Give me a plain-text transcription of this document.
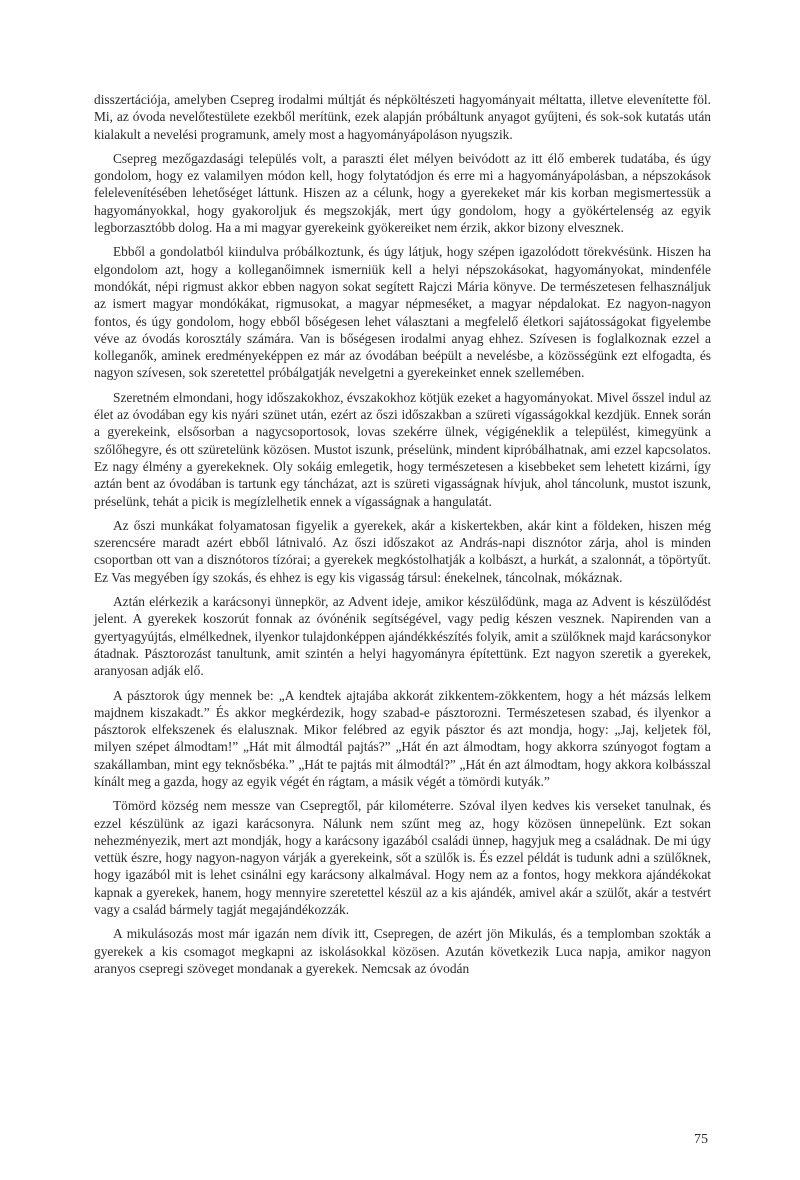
disszertációja, amelyben Csepreg irodalmi múltját és népköltészeti hagyományait méltatta, illetve elevenítette föl. Mi, az óvoda nevelőtestülete ezekből merítünk, ezek alapján próbáltunk anyagot gyűjteni, és sok-sok kutatás után kialakult a nevelési programunk, amely most a hagyományápoláson nyugszik.

Csepreg mezőgazdasági település volt, a paraszti élet mélyen beivódott az itt élő emberek tudatába, és úgy gondolom, hogy ez valamilyen módon kell, hogy folytatódjon és erre mi a hagyományápolásban, a népszokások felelevenítésében lehetőséget láttunk. Hiszen az a célunk, hogy a gyerekeket már kis korban megismertessük a hagyományokkal, hogy gyakoroljuk és megszokják, mert úgy gondolom, hogy a gyökértelenség az egyik legborzasztóbb dolog. Ha a mi magyar gyerekeink gyökereiket nem érzik, akkor bizony elvesznek.

Ebből a gondolatból kiindulva próbálkoztunk, és úgy látjuk, hogy szépen igazolódott törekvésünk. Hiszen ha elgondolom azt, hogy a kolleganőimnek ismerniük kell a helyi népszokásokat, hagyományokat, mindenféle mondókát, népi rigmust akkor ebben nagyon sokat segített Rajczi Mária könyve. De természetesen felhasználjuk az ismert magyar mondókákat, rigmusokat, a magyar népmeséket, a magyar népdalokat. Ez nagyon-nagyon fontos, és úgy gondolom, hogy ebből bőségesen lehet választani a megfelelő életkori sajátosságokat figyelembe véve az óvodás korosztály számára. Van is bőségesen irodalmi anyag ehhez. Szívesen is foglalkoznak ezzel a kolleganők, aminek eredményeképpen ez már az óvodában beépült a nevelésbe, a közösségünk ezt elfogadta, és nagyon szívesen, sok szeretettel próbálgatják nevelgetni a gyerekeinket ennek szellemében.

Szeretném elmondani, hogy időszakokhoz, évszakokhoz kötjük ezeket a hagyományokat. Mivel ősszel indul az élet az óvodában egy kis nyári szünet után, ezért az őszi időszakban a szüreti vígasságokkal kezdjük. Ennek során a gyerekeink, elsősorban a nagycsoportosok, lovas szekérre ülnek, végigéneklik a települést, kimegyünk a szőlőhegyre, és ott szüretelünk közösen. Mustot iszunk, préselünk, mindent kipróbálhatnak, ami ezzel kapcsolatos. Ez nagy élmény a gyerekeknek. Oly sokáig emlegetik, hogy természetesen a kisebbeket sem lehetett kizárni, így aztán bent az óvodában is tartunk egy táncházat, azt is szüreti vigasságnak hívjuk, ahol táncolunk, mustot iszunk, préselünk, tehát a picik is megízlelhetik ennek a vígasságnak a hangulatát.

Az őszi munkákat folyamatosan figyelik a gyerekek, akár a kiskertekben, akár kint a földeken, hiszen még szerencsére maradt azért ebből látnivaló. Az őszi időszakot az András-napi disznótor zárja, ahol is minden csoportban ott van a disznótoros tízórai; a gyerekek megkóstolhatják a kolbászt, a hurkát, a szalonnát, a töpörtyűt. Ez Vas megyében így szokás, és ehhez is egy kis vigasság társul: énekelnek, táncolnak, mókáznak.

Aztán elérkezik a karácsonyi ünnepkör, az Advent ideje, amikor készülődünk, maga az Advent is készülődést jelent. A gyerekek koszorút fonnak az óvónénik segítségével, vagy pedig készen vesznek. Napirenden van a gyertyagyújtás, elmélkednek, ilyenkor tulajdonképpen ajándékkészítés folyik, amit a szülőknek majd karácsonykor átadnak. Pásztorozást tanultunk, amit szintén a helyi hagyományra építettünk. Ezt nagyon szeretik a gyerekek, aranyosan adják elő.

A pásztorok úgy mennek be: „A kendtek ajtajába akkorát zikkentem-zökkentem, hogy a hét mázsás lelkem majdnem kiszakadt.” És akkor megkérdezik, hogy szabad-e pásztorozni. Természetesen szabad, és ilyenkor a pásztorok elfekszenek és elalusznak. Mikor felébred az egyik pásztor és azt mondja, hogy: „Jaj, keljetek föl, milyen szépet álmodtam!” „Hát mit álmodtál pajtás?” „Hát én azt álmodtam, hogy akkorra szúnyogot fogtam a szakállamban, mint egy teknősbéka.” „Hát te pajtás mit álmodtál?” „Hát én azt álmodtam, hogy akkora kolbásszal kínált meg a gazda, hogy az egyik végét én rágtam, a másik végét a tömördi kutyák.”

Tömörd község nem messze van Csepregtől, pár kilométerre. Szóval ilyen kedves kis verseket tanulnak, és ezzel készülünk az igazi karácsonyra. Nálunk nem szűnt meg az, hogy közösen ünnepelünk. Ezt sokan nehezményezik, mert azt mondják, hogy a karácsony igazából családi ünnep, hagyjuk meg a családnak. De mi úgy vettük észre, hogy nagyon-nagyon várják a gyerekeink, sőt a szülők is. És ezzel példát is tudunk adni a szülőknek, hogy igazából mit is lehet csinálni egy karácsony alkalmával. Hogy nem az a fontos, hogy mekkora ajándékokat kapnak a gyerekek, hanem, hogy mennyire szeretettel készül az a kis ajándék, amivel akár a szülőt, akár a testvért vagy a család bármely tagját megajándékozzák.

A mikulásozás most már igazán nem dívik itt, Csepregen, de azért jön Mikulás, és a templomban szokták a gyerekek a kis csomagot megkapni az iskolásokkal közösen. Azután következik Luca napja, amikor nagyon aranyos csepregi szöveget mondanak a gyerekek. Nemcsak az óvodán

75
